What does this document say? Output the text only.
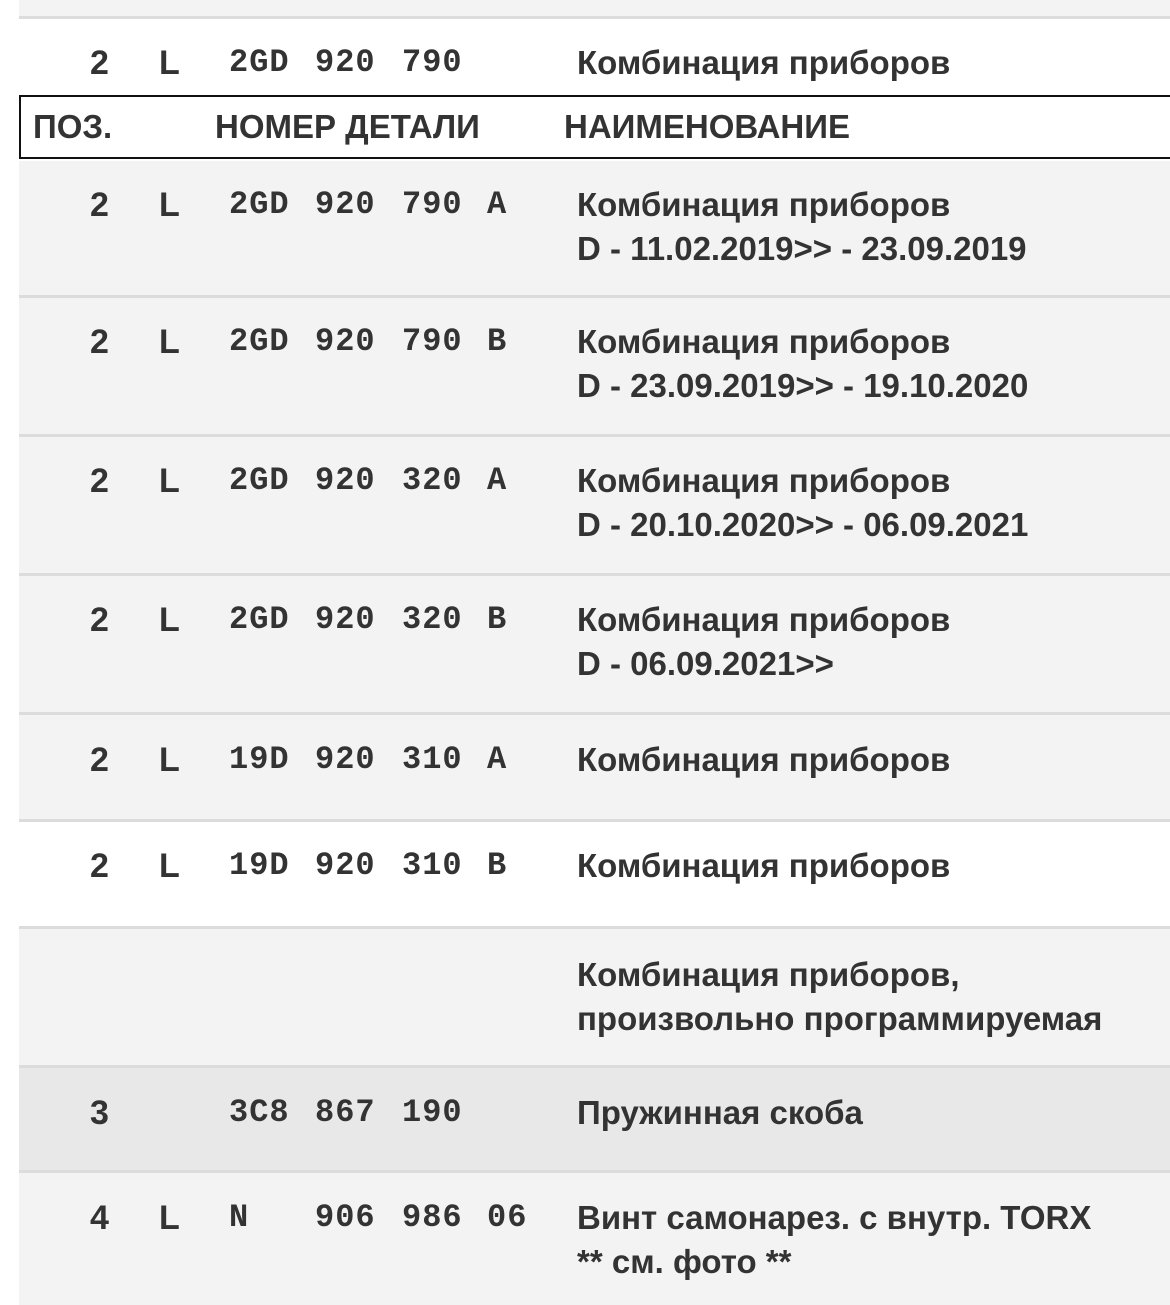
2 L 2GD 920 790	Комбинация приборов
ПОЗ.	НОМЕР ДЕТАЛИ	НАИМЕНОВАНИЕ
2 L 2GD 920 790 A Комбинация приборов
D - 11.02.2019>> - 23.09.2019
2 L 2GD 920 790 B Комбинация приборов
D - 23.09.2019>> - 19.10.2020
2 L 2GD 920 320 A Комбинация приборов
D - 20.10.2020>> - 06.09.2021
2 L 2GD 920 320 B Комбинация приборов
D - 06.09.2021>>
2 L 19D 920 310 A Комбинация приборов
2 L 19D 920 310 B Комбинация приборов
Комбинация приборов,
произвольно программируемая
3	3C8 867 190	Пружинная скоба
4 L N 906 986 06 Винт самонарез. с внутр. TORX
** см. фото **
